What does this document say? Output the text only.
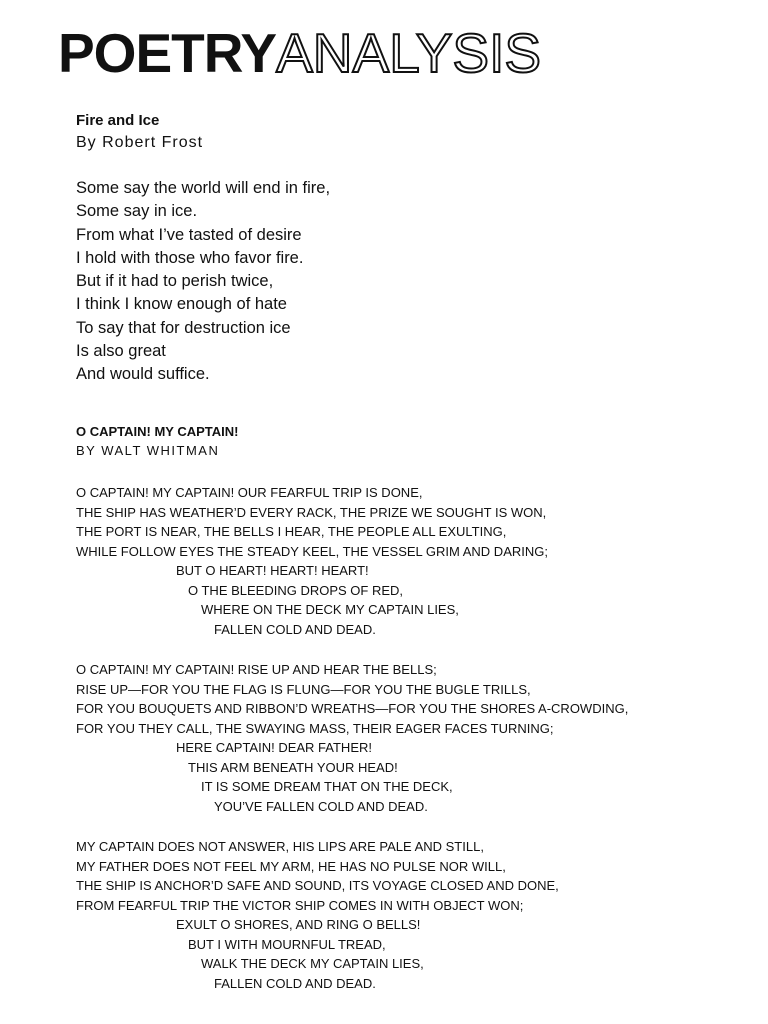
POETRYANALYSIS
Fire and Ice
By Robert Frost
Some say the world will end in fire,
Some say in ice.
From what I’ve tasted of desire
I hold with those who favor fire.
But if it had to perish twice,
I think I know enough of hate
To say that for destruction ice
Is also great
And would suffice.
O CAPTAIN! MY CAPTAIN!
BY WALT WHITMAN
O CAPTAIN! MY CAPTAIN! OUR FEARFUL TRIP IS DONE,
THE SHIP HAS WEATHER’D EVERY RACK, THE PRIZE WE SOUGHT IS WON,
THE PORT IS NEAR, THE BELLS I HEAR, THE PEOPLE ALL EXULTING,
WHILE FOLLOW EYES THE STEADY KEEL, THE VESSEL GRIM AND DARING;
BUT O HEART! HEART! HEART!
O THE BLEEDING DROPS OF RED,
WHERE ON THE DECK MY CAPTAIN LIES,
FALLEN COLD AND DEAD.
O CAPTAIN! MY CAPTAIN! RISE UP AND HEAR THE BELLS;
RISE UP—FOR YOU THE FLAG IS FLUNG—FOR YOU THE BUGLE TRILLS,
FOR YOU BOUQUETS AND RIBBON’D WREATHS—FOR YOU THE SHORES A-CROWDING,
FOR YOU THEY CALL, THE SWAYING MASS, THEIR EAGER FACES TURNING;
HERE CAPTAIN! DEAR FATHER!
THIS ARM BENEATH YOUR HEAD!
IT IS SOME DREAM THAT ON THE DECK,
YOU’VE FALLEN COLD AND DEAD.
MY CAPTAIN DOES NOT ANSWER, HIS LIPS ARE PALE AND STILL,
MY FATHER DOES NOT FEEL MY ARM, HE HAS NO PULSE NOR WILL,
THE SHIP IS ANCHOR’D SAFE AND SOUND, ITS VOYAGE CLOSED AND DONE,
FROM FEARFUL TRIP THE VICTOR SHIP COMES IN WITH OBJECT WON;
EXULT O SHORES, AND RING O BELLS!
BUT I WITH MOURNFUL TREAD,
WALK THE DECK MY CAPTAIN LIES,
FALLEN COLD AND DEAD.
